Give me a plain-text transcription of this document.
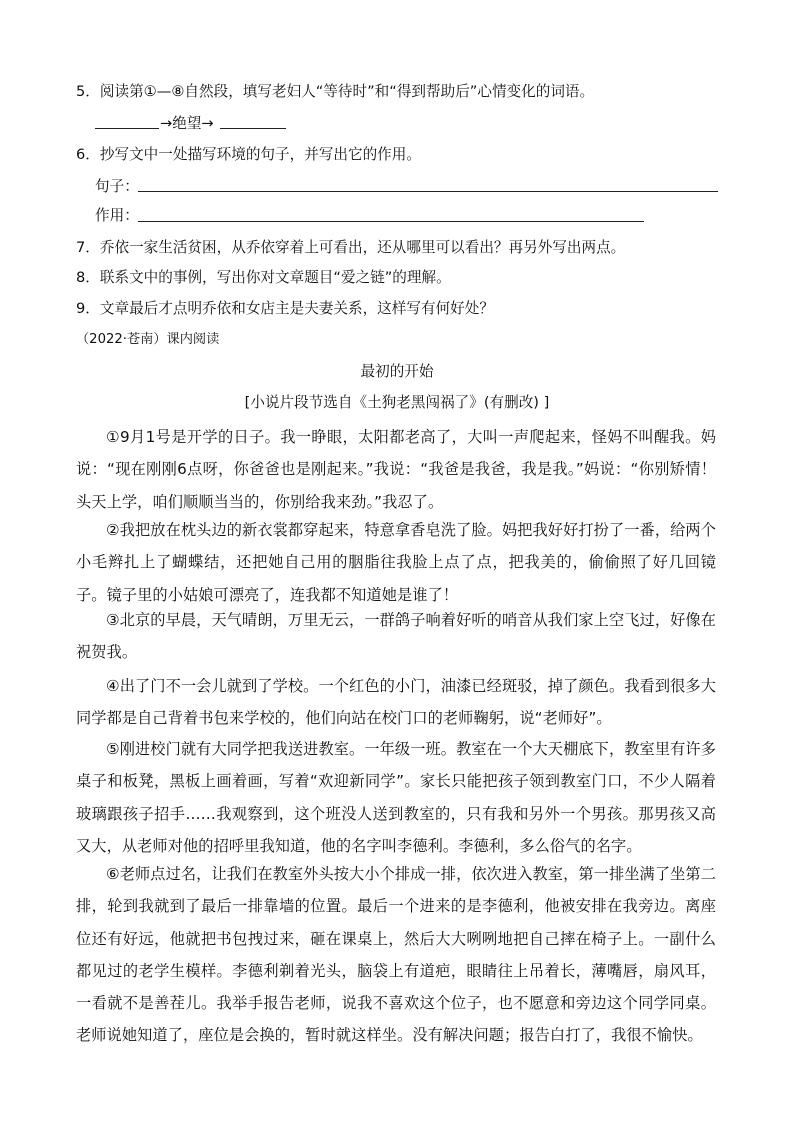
5．阅读第①—⑧自然段，填写老妇人“等待时”和“得到帮助后”心情变化的词语。
→绝望→
6．抄写文中一处描写环境的句子，并写出它的作用。
句子：
作用：
7．乔依一家生活贫困，从乔依穿着上可看出，还从哪里可以看出？再另外写出两点。
8．联系文中的事例，写出你对文章题目“爱之链”的理解。
9．文章最后才点明乔依和女店主是夫妻关系，这样写有何好处？
（2022·苍南）课内阅读
最初的开始
[小说片段节选自《土狗老黑闯祸了》(有删改) ]
①9月1号是开学的日子。我一睁眼，太阳都老高了，大叫一声爬起来，怪妈不叫醒我。妈说：“现在刚刚6点呀，你爸爸也是刚起来。”我说：“我爸是我爸，我是我。”妈说：“你别矫情！头天上学，咱们顺顺当当的，你别给我来劲。”我忍了。
②我把放在枕头边的新衣裳都穿起来，特意拿香皂洗了脸。妈把我好好打扮了一番，给两个小毛辫扎上了蝴蝶结，还把她自己用的胭脂往我脸上点了点，把我美的，偷偷照了好几回镜子。镜子里的小姑娘可漂亮了，连我都不知道她是谁了！
③北京的早晨，天气晴朗，万里无云，一群鸽子响着好听的哨音从我们家上空飞过，好像在祝贺我。
④出了门不一会儿就到了学校。一个红色的小门，油漆已经斑驳，掉了颜色。我看到很多大同学都是自己背着书包来学校的，他们向站在校门口的老师鞠躬，说“老师好”。
⑤刚进校门就有大同学把我送进教室。一年级一班。教室在一个大天棚底下，教室里有许多桌子和板凳，黑板上画着画，写着“欢迎新同学”。家长只能把孩子领到教室门口，不少人隔着玻璃跟孩子招手……我观察到，这个班没人送到教室的，只有我和另外一个男孩。那男孩又高又大，从老师对他的招呼里我知道，他的名字叫李德利。李德利，多么俗气的名字。
⑥老师点过名，让我们在教室外头按大小个排成一排，依次进入教室，第一排坐满了坐第二排，轮到我就到了最后一排靠墙的位置。最后一个进来的是李德利，他被安排在我旁边。离座位还有好远，他就把书包拽过来，砸在课桌上，然后大大咧咧地把自己摔在椅子上。一副什么都见过的老学生模样。李德利剃着光头，脑袋上有道疤，眼睛往上吊着长，薄嘴唇，扇风耳，一看就不是善茬儿。我举手报告老师，说我不喜欢这个位子，也不愿意和旁边这个同学同桌。老师说她知道了，座位是会换的，暂时就这样坐。没有解决问题；报告白打了，我很不愉快。
